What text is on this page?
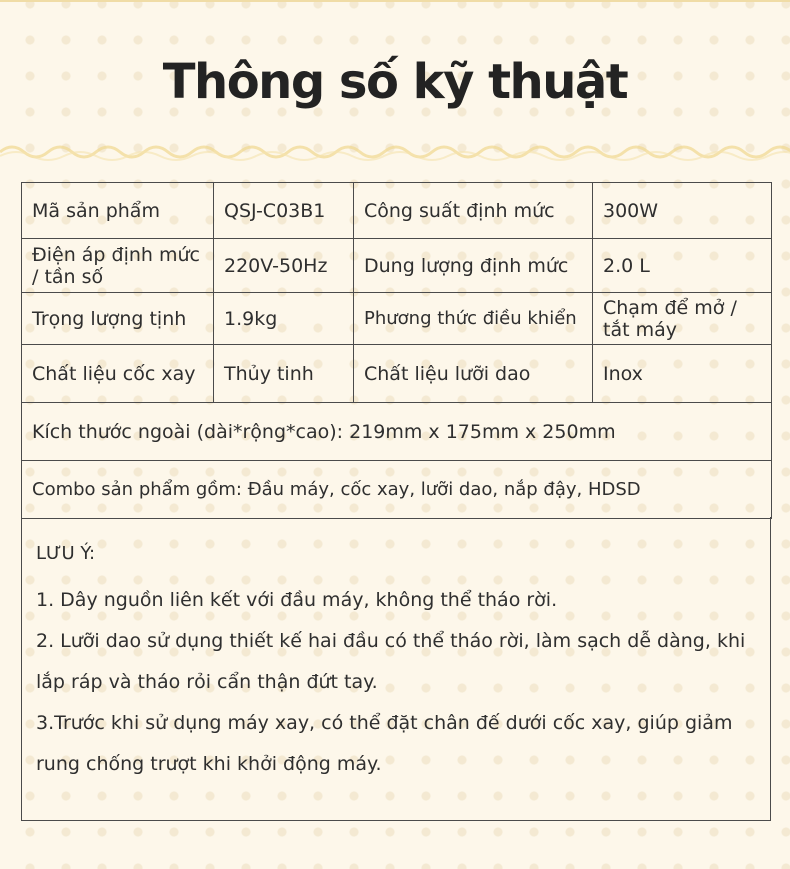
Thông số kỹ thuật
Mã sản phẩm	QSJ-C03B1	Công suất định mức	300W
Điện áp định mức / tần số	220V-50Hz	Dung lượng định mức	2.0 L
Trọng lượng tịnh	1.9kg	Phương thức điều khiển	Chạm để mở / tắt máy
Chất liệu cốc xay	Thủy tinh	Chất liệu lưỡi dao	Inox
Kích thước ngoài (dài*rộng*cao): 219mm x 175mm x 250mm			
Combo sản phẩm gồm: Đầu máy, cốc xay, lưỡi dao, nắp đậy, HDSD			

LƯU Ý:

1. Dây nguồn liên kết với đầu máy, không thể tháo rời.

2. Lưỡi dao sử dụng thiết kế hai đầu có thể tháo rời, làm sạch dễ dàng, khi lắp ráp và tháo rỏi cẩn thận đứt tay.

3.Trước khi sử dụng máy xay, có thể đặt chân đế dưới cốc xay, giúp giảm rung chống trượt khi khởi động máy.
